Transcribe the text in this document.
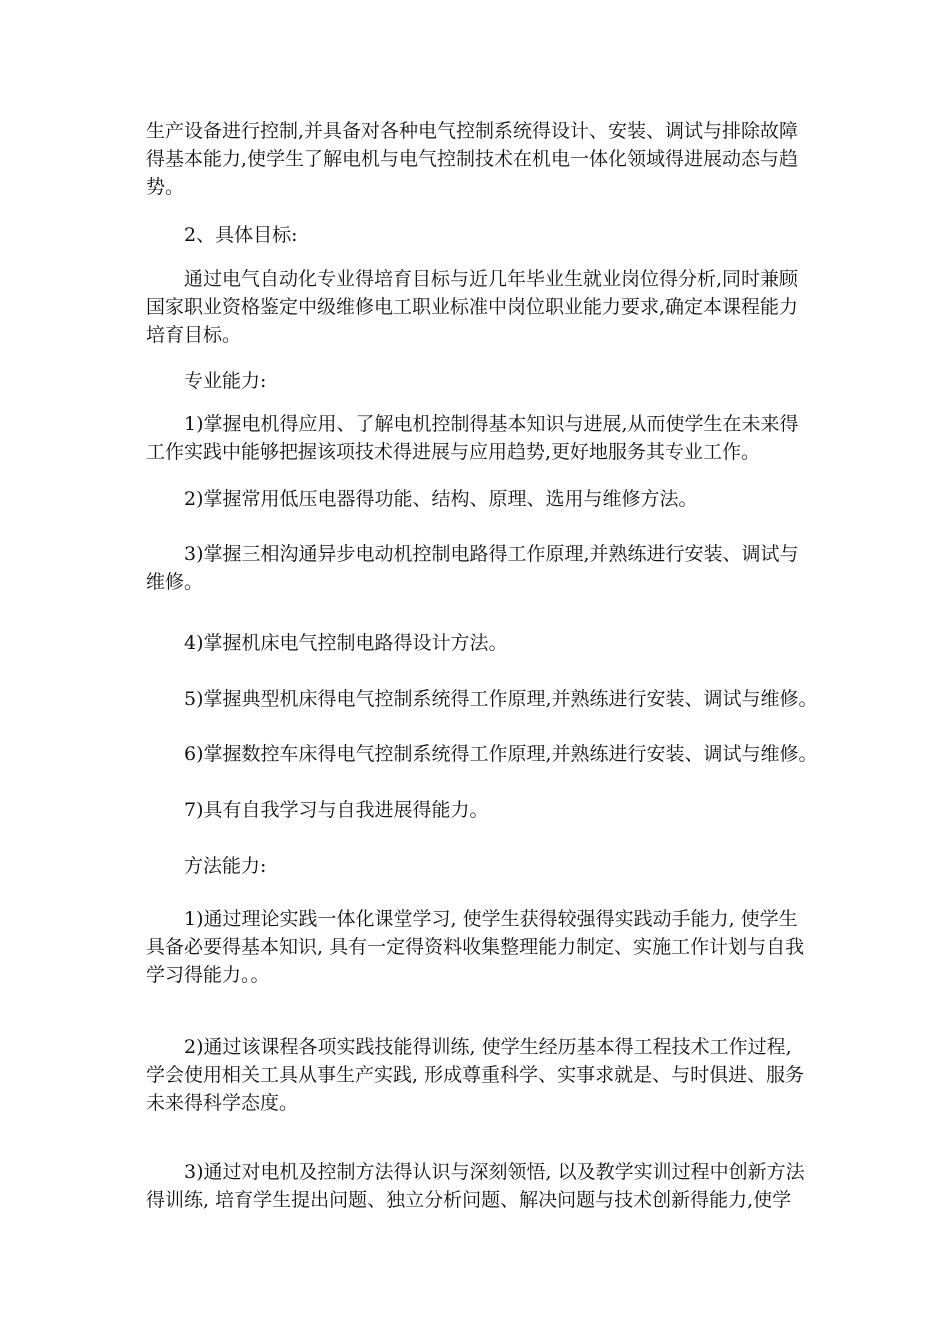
生产设备进行控制,并具备对各种电气控制系统得设计、安装、调试与排除故障
得基本能力,使学生了解电机与电气控制技术在机电一体化领域得进展动态与趋
势。
2、具体目标:
通过电气自动化专业得培育目标与近几年毕业生就业岗位得分析,同时兼顾
国家职业资格鉴定中级维修电工职业标准中岗位职业能力要求,确定本课程能力
培育目标。
专业能力:
1)掌握电机得应用、了解电机控制得基本知识与进展,从而使学生在未来得
工作实践中能够把握该项技术得进展与应用趋势,更好地服务其专业工作。
2)掌握常用低压电器得功能、结构、原理、选用与维修方法。
3)掌握三相沟通异步电动机控制电路得工作原理,并熟练进行安装、调试与
维修。
4)掌握机床电气控制电路得设计方法。
5)掌握典型机床得电气控制系统得工作原理,并熟练进行安装、调试与维修。
6)掌握数控车床得电气控制系统得工作原理,并熟练进行安装、调试与维修。
7)具有自我学习与自我进展得能力。
方法能力:
1)通过理论实践一体化课堂学习, 使学生获得较强得实践动手能力, 使学生
具备必要得基本知识, 具有一定得资料收集整理能力制定、实施工作计划与自我
学习得能力。。
2)通过该课程各项实践技能得训练, 使学生经历基本得工程技术工作过程,
学会使用相关工具从事生产实践, 形成尊重科学、实事求就是、与时俱进、服务
未来得科学态度。
3)通过对电机及控制方法得认识与深刻领悟, 以及教学实训过程中创新方法
得训练, 培育学生提出问题、独立分析问题、解决问题与技术创新得能力,使学
